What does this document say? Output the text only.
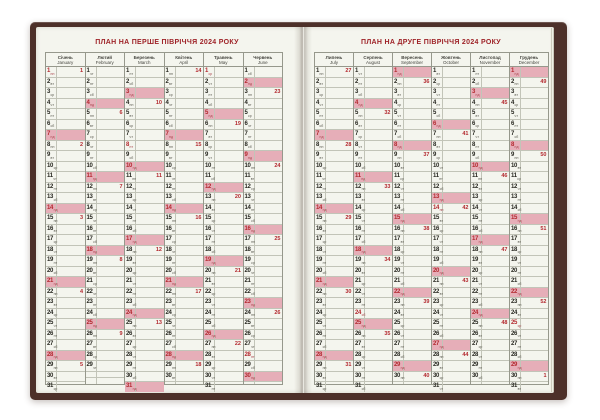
ПЛАН НА ПЕРШЕ ПІВРІЧЧЯ 2024 РОКУ
Січень
January
1 пн	1
2 вт
3 ср
4 чт
5 пт
6 сб
7 нд
8 пн	2
9 вт
10 ср
11 чт
12 пт
13 сб
14 нд
15 пн	3
16 вт
17 ср
18 чт
19 пт
20 сб
21 нд
22 пн	4
23 вт
24 ср
25 чт
26 пт
27 сб
28 нд
29 пн	5
30 вт
31 ср
Лютий
February
1 чт
2 пт
3 сб
4 нд
5 пн	6
6 вт
7 ср
8 чт
9 пт
10 сб
11 нд
12 пн	7
13 вт
14 ср
15 чт
16 пт
17 сб
18 нд
19 пн	8
20 вт
21 ср
22 чт
23 пт
24 сб
25 нд
26 пн	9
27 вт
28 ср
29 чт
Березень
March
1 пт
2 сб
3 нд
4 пн	10
5 вт
6 ср
7 чт
8 пт
9 сб
10 нд
11 пн	11
12 вт
13 ср
14 чт
15 пт
16 сб
17 нд
18 пн	12
19 вт
20 ср
21 чт
22 пт
23 сб
24 нд
25 пн	13
26 вт
27 ср
28 чт
29 пт
30 сб
31 нд
Квітень
April
1 пн	14
2 вт
3 ср
4 чт
5 пт
6 сб
7 нд
8 пн	15
9 вт
10 ср
11 чт
12 пт
13 сб
14 нд
15 пн	16
16 вт
17 ср
18 чт
19 пт
20 сб
21 нд
22 пн	17
23 вт
24 ср
25 чт
26 пт
27 сб
28 нд
29 пн	18
30 вт
Травень
May
1 ср
2 чт
3 пт
4 сб
5 нд
6 пн	19
7 вт
8 ср
9 чт
10 пт
11 сб
12 нд
13 пн	20
14 вт
15 ср
16 чт
17 пт
18 сб
19 нд
20 пн	21
21 вт
22 ср
23 чт
24 пт
25 сб
26 нд
27 пн	22
28 вт
29 ср
30 чт
31 пт
Червень
June
1 сб
2 нд
3 пн	23
4 вт
5 ср
6 чт
7 пт
8 сб
9 нд
10 пн	24
11 вт
12 ср
13 чт
14 пт
15 сб
16 нд
17 пн	25
18 вт
19 ср
20 чт
21 пт
22 сб
23 нд
24 пн	26
25 вт
26 ср
27 чт
28 пт
29 сб
30 нд
ПЛАН НА ДРУГЕ ПІВРІЧЧЯ 2024 РОКУ
Липень
July
1 пн	27
2 вт
3 ср
4 чт
5 пт
6 сб
7 нд
8 пн	28
9 вт
10 ср
11 чт
12 пт
13 сб
14 нд
15 пн	29
16 вт
17 ср
18 чт
19 пт
20 сб
21 нд
22 пн	30
23 вт
24 ср
25 чт
26 пт
27 сб
28 нд
29 пн	31
30 вт
31 ср
Серпень
August
1 чт
2 пт
3 сб
4 нд
5 пн	32
6 вт
7 ср
8 чт
9 пт
10 сб
11 нд
12 пн	33
13 вт
14 ср
15 чт
16 пт
17 сб
18 нд
19 пн	34
20 вт
21 ср
22 чт
23 пт
24 сб
25 нд
26 пн	35
27 вт
28 ср
29 чт
30 пт
31 сб
Вересень
September
1 нд
2 пн	36
3 вт
4 ср
5 чт
6 пт
7 сб
8 нд
9 пн	37
10 вт
11 ср
12 чт
13 пт
14 сб
15 нд
16 пн	38
17 вт
18 ср
19 чт
20 пт
21 сб
22 нд
23 пн	39
24 вт
25 ср
26 чт
27 пт
28 сб
29 нд
30 пн	40
Жовтень
October
1 вт
2 ср
3 чт
4 пт
5 сб
6 нд
7 пн	41
8 вт
9 ср
10 чт
11 пт
12 сб
13 нд
14 пн	42
15 вт
16 ср
17 чт
18 пт
19 сб
20 нд
21 пн	43
22 вт
23 ср
24 чт
25 пт
26 сб
27 нд
28 пн	44
29 вт
30 ср
31 чт
Листопад
November
1 пт
2 сб
3 нд
4 пн	45
5 вт
6 ср
7 чт
8 пт
9 сб
10 нд
11 пн	46
12 вт
13 ср
14 чт
15 пт
16 сб
17 нд
18 пн	47
19 вт
20 ср
21 чт
22 пт
23 сб
24 нд
25 пн	48
26 вт
27 ср
28 чт
29 пт
30 сб
Грудень
December
1 нд
2 пн	49
3 вт
4 ср
5 чт
6 пт
7 сб
8 нд
9 пн	50
10 вт
11 ср
12 чт
13 пт
14 сб
15 нд
16 пн	51
17 вт
18 ср
19 чт
20 пт
21 сб
22 нд
23 пн	52
24 вт
25 ср
26 чт
27 пт
28 сб
29 нд
30 пн	1
31 вт
